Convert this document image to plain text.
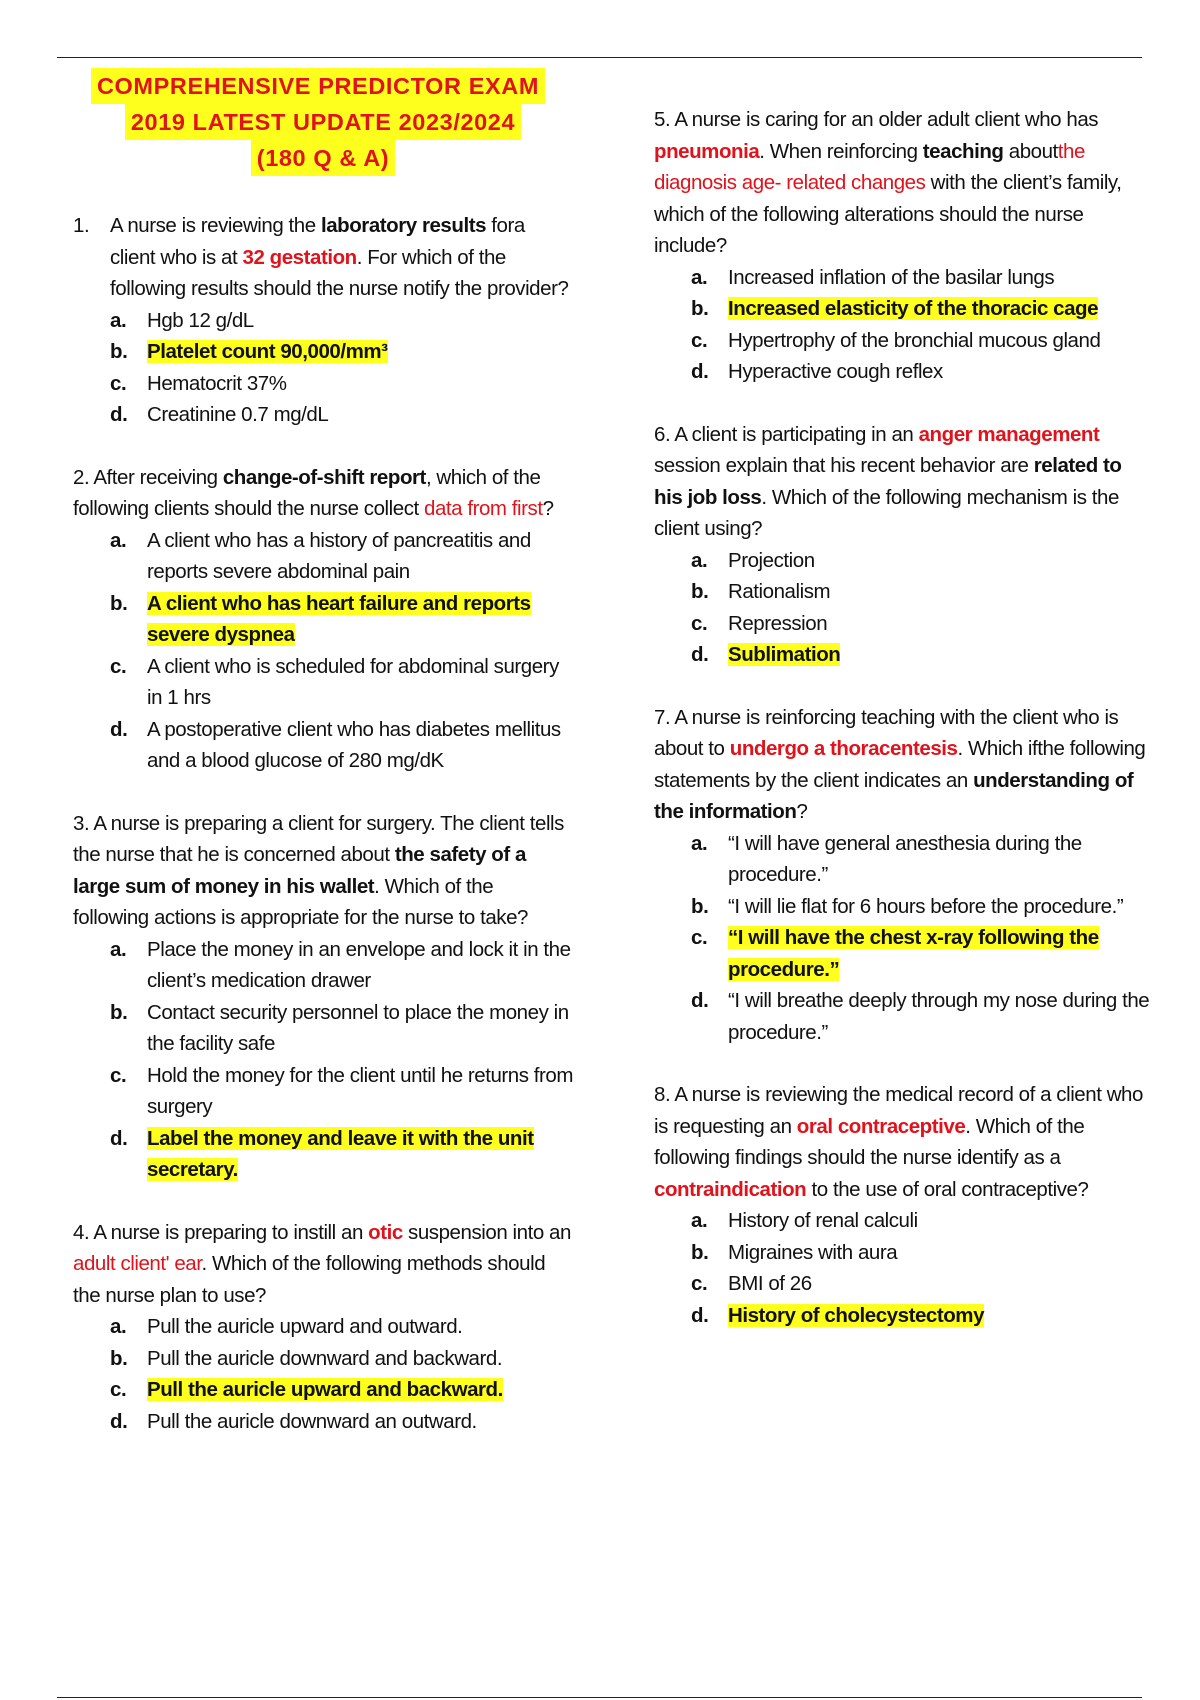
COMPREHENSIVE PREDICTOR EXAM
2019 LATEST UPDATE 2023/2024
(180 Q & A)
1. A nurse is reviewing the laboratory results fora client who is at 32 gestation. For which of the following results should the nurse notify the provider?
a.	Hgb 12 g/dL
b. Platelet count 90,000/mm³
c.	Hematocrit 37%
d. Creatinine 0.7 mg/dL
2. After receiving change-of-shift report, which of the following clients should the nurse collect data from first?
a.	A client who has a history of pancreatitis and reports severe abdominal pain
b. A client who has heart failure and reports severe dyspnea
c.	A client who is scheduled for abdominal surgery in 1 hrs
d. A postoperative client who has diabetes mellitus and a blood glucose of 280 mg/dK
3. A nurse is preparing a client for surgery. The client tells the nurse that he is concerned about the safety of a large sum of money in his wallet. Which of the following actions is appropriate for the nurse to take?
a.	Place the money in an envelope and lock it in the client’s medication drawer
b. Contact security personnel to place the money in the facility safe
c.	Hold the money for the client until he returns from surgery
d. Label the money and leave it with the unit secretary.
4. A nurse is preparing to instill an otic suspension into an adult client' ear. Which of the following methods should the nurse plan to use?
a.	Pull the auricle upward and outward.
b. Pull the auricle downward and backward.
c.	Pull the auricle upward and backward.
d. Pull the auricle downward an outward.
5. A nurse is caring for an older adult client who has pneumonia. When reinforcing teaching aboutthe diagnosis age- related changes with the client’s family, which of the following alterations should the nurse include?
a.	Increased inflation of the basilar lungs
b. Increased elasticity of the thoracic cage
c.	Hypertrophy of the bronchial mucous gland
d. Hyperactive cough reflex
6. A client is participating in an anger management session explain that his recent behavior are related to his job loss. Which of the following mechanism is the client using?
a.	Projection
b. Rationalism
c.	Repression
d. Sublimation
7. A nurse is reinforcing teaching with the client who is about to undergo a thoracentesis. Which ifthe following statements by the client indicates an understanding of the information?
a.	“I will have general anesthesia during the procedure.”
b. “I will lie flat for 6 hours before the procedure.”
c.	“I will have the chest x-ray following the procedure.”
d. “I will breathe deeply through my nose during the procedure.”
8. A nurse is reviewing the medical record of a client who is requesting an oral contraceptive. Which of the following findings should the nurse identify as a contraindication to the use of oral contraceptive?
a.	History of renal calculi
b. Migraines with aura
c.	BMI of 26
d. History of cholecystectomy
